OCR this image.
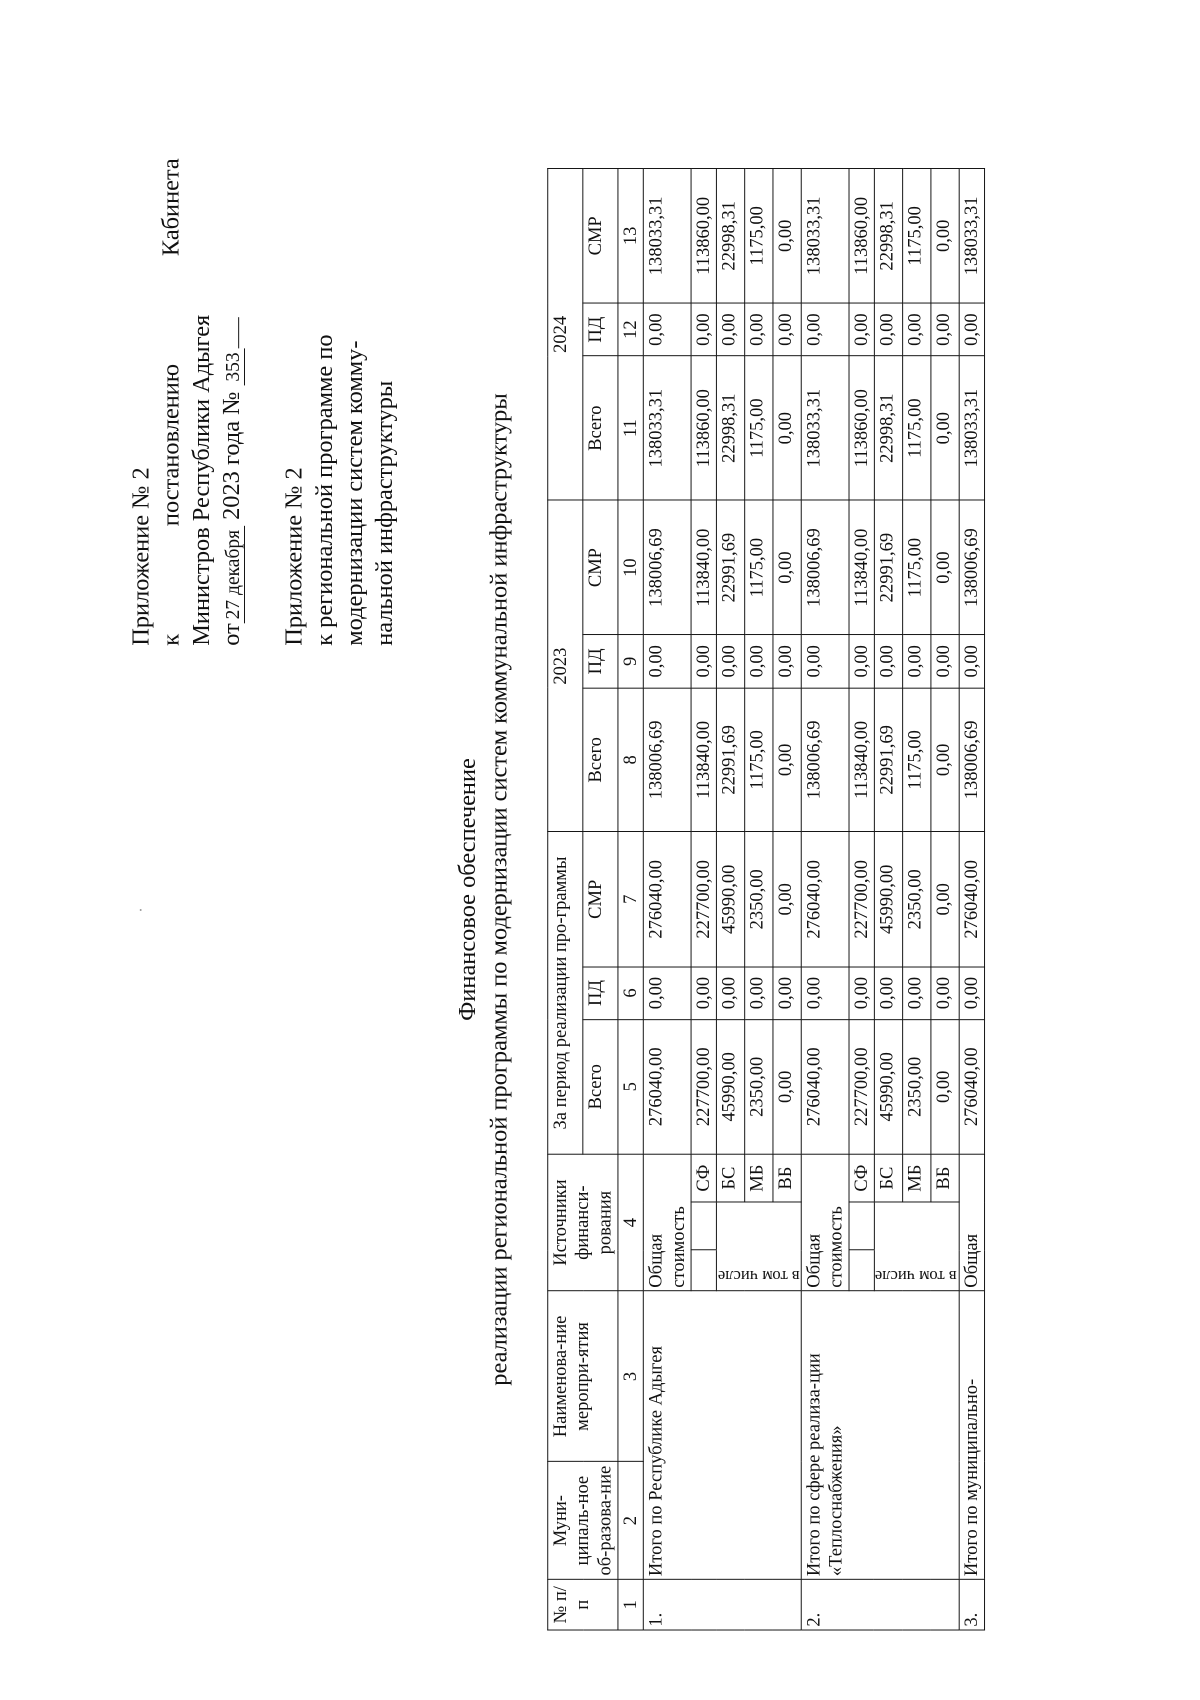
Приложение № 2 к
постановлению
Кабинета
Министров Республики Адыгея от27 декабря 2023 года № 353
Приложение № 2 к региональной программе по модернизации систем комму- нальной инфраструктуры
Финансовое обеспечение реализации региональной программы по модернизации систем коммунальной инфраструктуры
№ п/п	Муни-ципаль-ное об-разова-ние	Наименова-ние меропри-ятия	Источники финанси-рования			За период реализации про-граммы			2023			2024		
						Всего	ПД	СМР	Всего	ПД	СМР	Всего	ПД	СМР
1	2	3	4			5	6	7	8	9	10	11	12	13
1.	Итого по Республике Адыгея		Общая стоимость			276040,00	0,00	276040,00	138006,69	0,00	138006,69	138033,31	0,00	138033,31
					СФ	227700,00	0,00	227700,00	113840,00	0,00	113840,00	113860,00	0,00	113860,00
			в том числе		БС	45990,00	0,00	45990,00	22991,69	0,00	22991,69	22998,31	0,00	22998,31
					МБ	2350,00	0,00	2350,00	1175,00	0,00	1175,00	1175,00	0,00	1175,00
					ВБ	0,00	0,00	0,00	0,00	0,00	0,00	0,00	0,00	0,00
2.	Итого по сфере реализа-ции «Теплоснабжения»		Общая стоимость			276040,00	0,00	276040,00	138006,69	0,00	138006,69	138033,31	0,00	138033,31
					СФ	227700,00	0,00	227700,00	113840,00	0,00	113840,00	113860,00	0,00	113860,00
			в том числе		БС	45990,00	0,00	45990,00	22991,69	0,00	22991,69	22998,31	0,00	22998,31
					МБ	2350,00	0,00	2350,00	1175,00	0,00	1175,00	1175,00	0,00	1175,00
					ВБ	0,00	0,00	0,00	0,00	0,00	0,00	0,00	0,00	0,00
3.	Итого по муниципально-		Общая			276040,00	0,00	276040,00	138006,69	0,00	138006,69	138033,31	0,00	138033,31
